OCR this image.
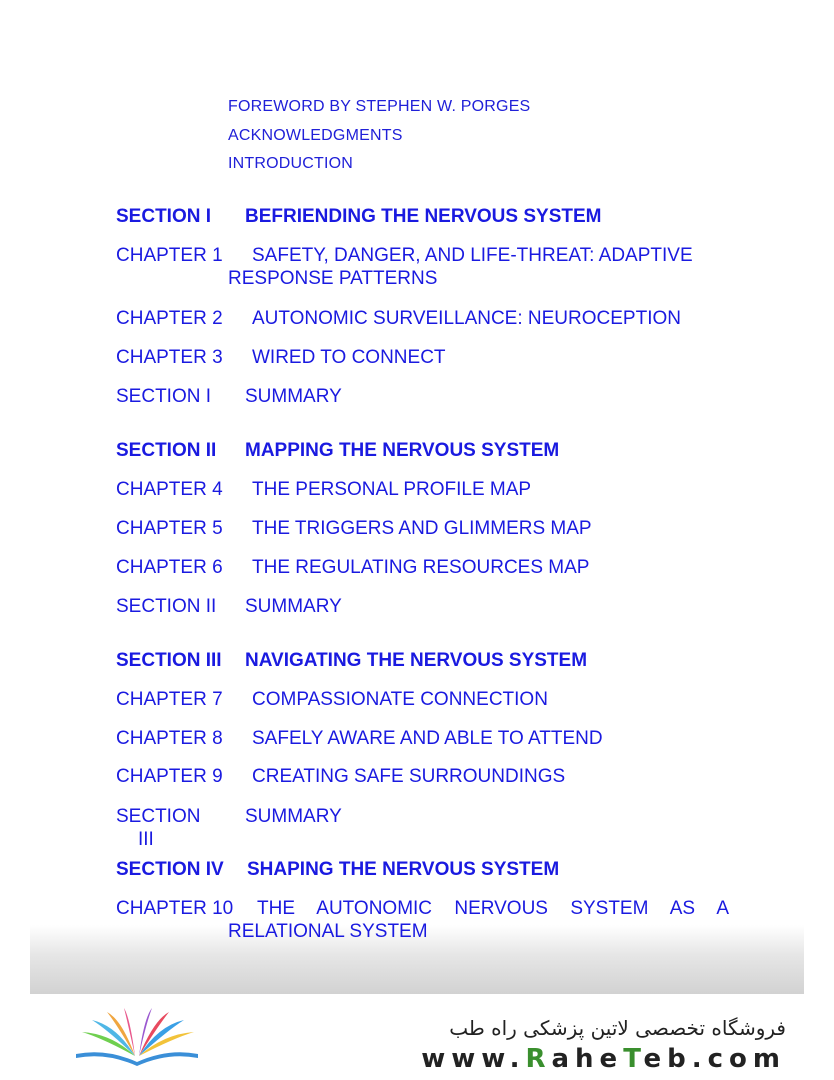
FOREWORD BY STEPHEN W. PORGES
ACKNOWLEDGMENTS
INTRODUCTION
SECTION I BEFRIENDING THE NERVOUS SYSTEM
CHAPTER 1 SAFETY, DANGER, AND LIFE-THREAT: ADAPTIVE
RESPONSE PATTERNS
CHAPTER 2 AUTONOMIC SURVEILLANCE: NEUROCEPTION
CHAPTER 3 WIRED TO CONNECT
SECTION I SUMMARY
SECTION II MAPPING THE NERVOUS SYSTEM
CHAPTER 4 THE PERSONAL PROFILE MAP
CHAPTER 5 THE TRIGGERS AND GLIMMERS MAP
CHAPTER 6 THE REGULATING RESOURCES MAP
SECTION II SUMMARY
SECTION III NAVIGATING THE NERVOUS SYSTEM
CHAPTER 7 COMPASSIONATE CONNECTION
CHAPTER 8 SAFELY AWARE AND ABLE TO ATTEND
CHAPTER 9 CREATING SAFE SURROUNDINGS
SECTION
III
SUMMARY
SECTION IV SHAPING THE NERVOUS SYSTEM
CHAPTER 10 THE AUTONOMIC NERVOUS SYSTEM AS A
RELATIONAL SYSTEM
فروشگاه تخصصی لاتین پزشکی راه طب
www.RaheTeb.com
